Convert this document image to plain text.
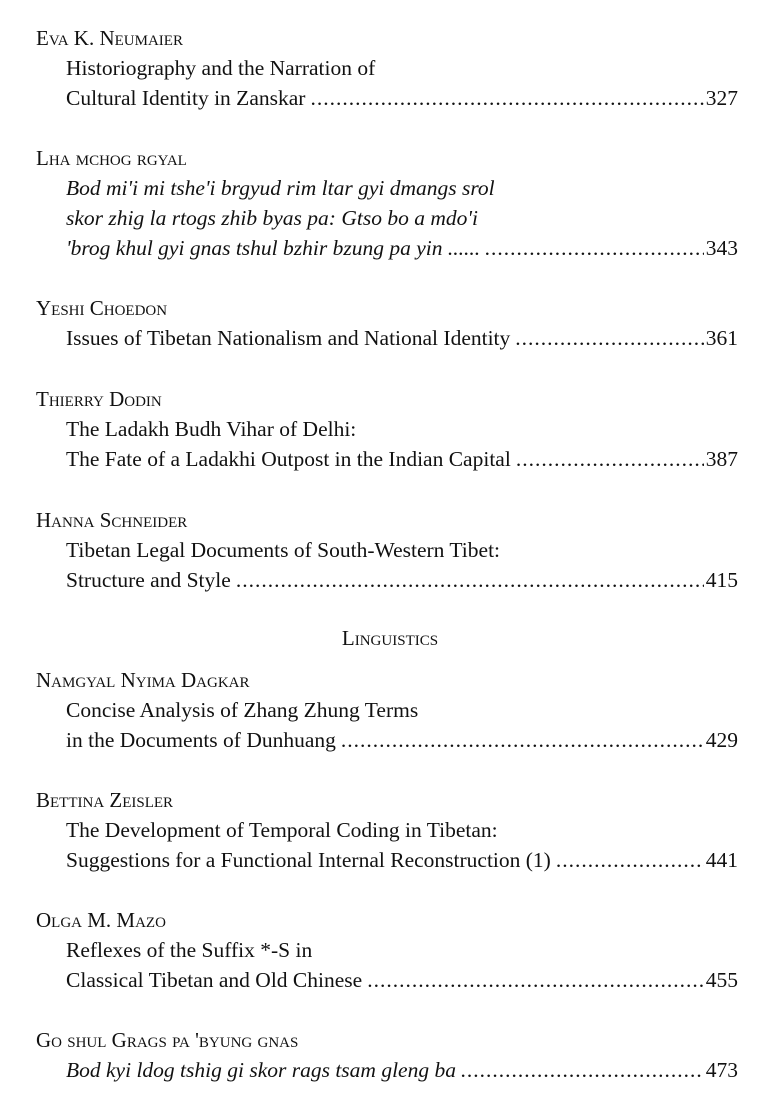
Eva K. Neumaier
Historiography and the Narration of
Cultural Identity in Zanskar .....	327
Lha mchog rgyal
Bod mi'i mi tshe'i brgyud rim ltar gyi dmangs srol
skor zhig la rtogs zhib byas pa: Gtso bo a mdo'i
'brog khul gyi gnas tshul bzhir bzung pa yin ...... .....	343
Yeshi Choedon
Issues of Tibetan Nationalism and National Identity .....	361
Thierry Dodin
The Ladakh Budh Vihar of Delhi:
The Fate of a Ladakhi Outpost in the Indian Capital .....	387
Hanna Schneider
Tibetan Legal Documents of South-Western Tibet:
Structure and Style .....	415
Namgyal Nyima Dagkar
Concise Analysis of Zhang Zhung Terms
in the Documents of Dunhuang .....	429
Bettina Zeisler
The Development of Temporal Coding in Tibetan:
Suggestions for a Functional Internal Reconstruction (1) .....	441
Olga M. Mazo
Reflexes of the Suffix *-S in
Classical Tibetan and Old Chinese .....	455
Go shul Grags pa 'byung gnas
Bod kyi ldog tshig gi skor rags tsam gleng ba .....	473
Linguistics
